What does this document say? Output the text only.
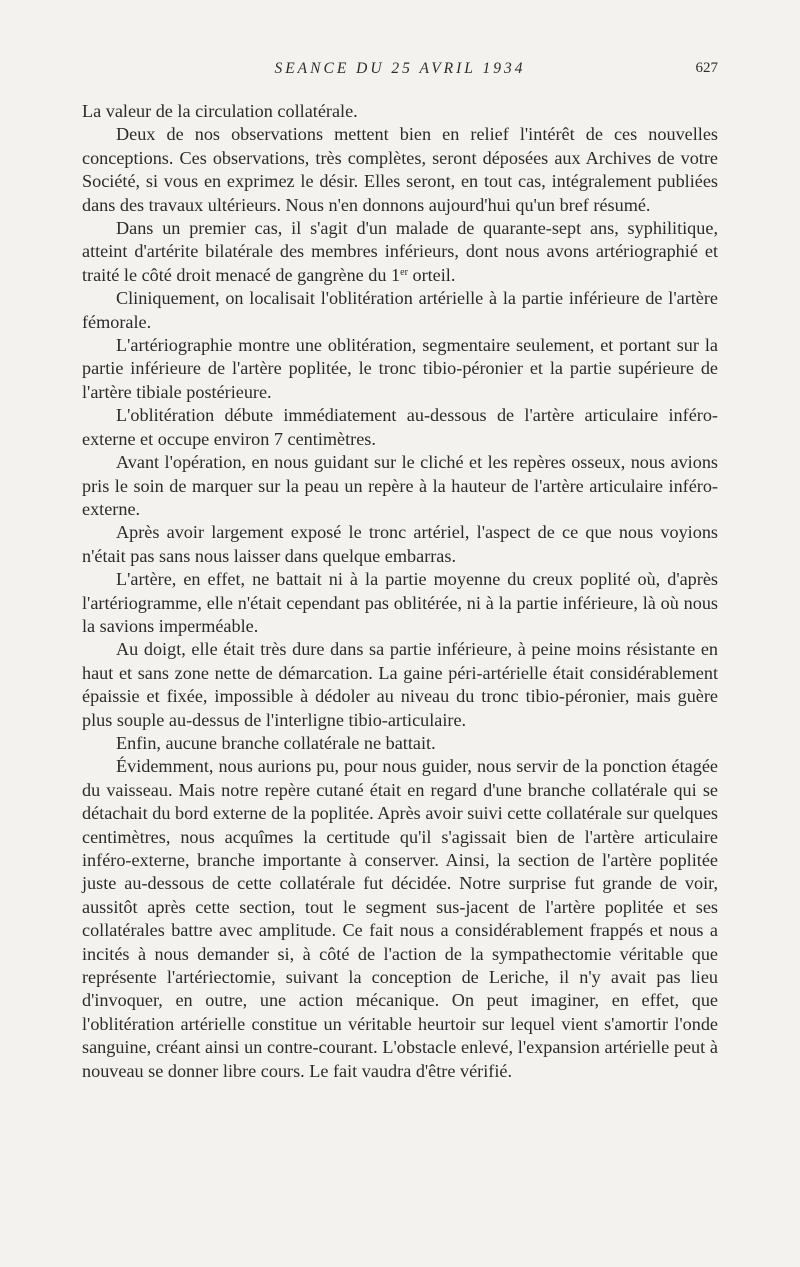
SEANCE DU 25 AVRIL 1934	627

La valeur de la circulation collatérale.

Deux de nos observations mettent bien en relief l'intérêt de ces nouvelles conceptions. Ces observations, très complètes, seront déposées aux Archives de votre Société, si vous en exprimez le désir. Elles seront, en tout cas, intégralement publiées dans des travaux ultérieurs. Nous n'en donnons aujourd'hui qu'un bref résumé.

Dans un premier cas, il s'agit d'un malade de quarante-sept ans, syphilitique, atteint d'artérite bilatérale des membres inférieurs, dont nous avons artériographié et traité le côté droit menacé de gangrène du 1er orteil.

Cliniquement, on localisait l'oblitération artérielle à la partie inférieure de l'artère fémorale.

L'artériographie montre une oblitération, segmentaire seulement, et portant sur la partie inférieure de l'artère poplitée, le tronc tibio-péronier et la partie supérieure de l'artère tibiale postérieure.

L'oblitération débute immédiatement au-dessous de l'artère articulaire inféro-externe et occupe environ 7 centimètres.

Avant l'opération, en nous guidant sur le cliché et les repères osseux, nous avions pris le soin de marquer sur la peau un repère à la hauteur de l'artère articulaire inféro-externe.

Après avoir largement exposé le tronc artériel, l'aspect de ce que nous voyions n'était pas sans nous laisser dans quelque embarras.

L'artère, en effet, ne battait ni à la partie moyenne du creux poplité où, d'après l'artériogramme, elle n'était cependant pas oblitérée, ni à la partie inférieure, là où nous la savions imperméable.

Au doigt, elle était très dure dans sa partie inférieure, à peine moins résistante en haut et sans zone nette de démarcation. La gaine péri-artérielle était considérablement épaissie et fixée, impossible à dédoler au niveau du tronc tibio-péronier, mais guère plus souple au-dessus de l'interligne tibio-articulaire.

Enfin, aucune branche collatérale ne battait.

Évidemment, nous aurions pu, pour nous guider, nous servir de la ponction étagée du vaisseau. Mais notre repère cutané était en regard d'une branche collatérale qui se détachait du bord externe de la poplitée. Après avoir suivi cette collatérale sur quelques centimètres, nous acquîmes la certitude qu'il s'agissait bien de l'artère articulaire inféro-externe, branche importante à conserver. Ainsi, la section de l'artère poplitée juste au-dessous de cette collatérale fut décidée. Notre surprise fut grande de voir, aussitôt après cette section, tout le segment sus-jacent de l'artère poplitée et ses collatérales battre avec amplitude. Ce fait nous a considérablement frappés et nous a incités à nous demander si, à côté de l'action de la sympathectomie véritable que représente l'artériectomie, suivant la conception de Leriche, il n'y avait pas lieu d'invoquer, en outre, une action mécanique. On peut imaginer, en effet, que l'oblitération artérielle constitue un véritable heurtoir sur lequel vient s'amortir l'onde sanguine, créant ainsi un contre-courant. L'obstacle enlevé, l'expansion artérielle peut à nouveau se donner libre cours. Le fait vaudra d'être vérifié.
